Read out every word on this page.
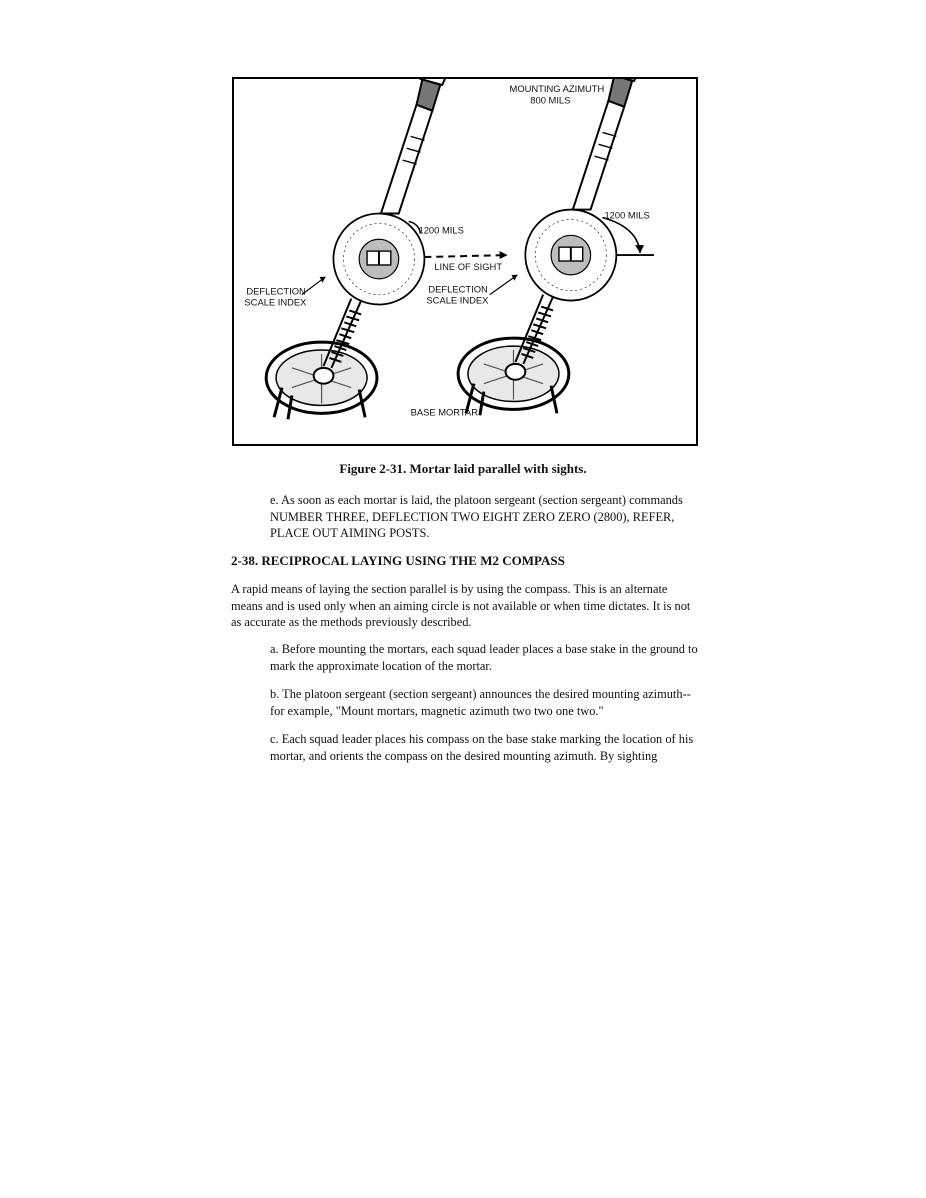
MOUNTING AZIMUTH
800 MILS
1200 MILS
1200 MILS
LINE OF SIGHT
DEFLECTION
SCALE INDEX
DEFLECTION
SCALE INDEX
BASE MORTAR
Figure 2-31. Mortar laid parallel with sights.

e. As soon as each mortar is laid, the platoon sergeant (section sergeant) commands NUMBER THREE, DEFLECTION TWO EIGHT ZERO ZERO (2800), REFER, PLACE OUT AIMING POSTS.

2-38. RECIPROCAL LAYING USING THE M2 COMPASS

A rapid means of laying the section parallel is by using the compass. This is an alternate means and is used only when an aiming circle is not available or when time dictates. It is not as accurate as the methods previously described.

a. Before mounting the mortars, each squad leader places a base stake in the ground to mark the approximate location of the mortar.

b. The platoon sergeant (section sergeant) announces the desired mounting azimuth--for example, "Mount mortars, magnetic azimuth two two one two."

c. Each squad leader places his compass on the base stake marking the location of his mortar, and orients the compass on the desired mounting azimuth. By sighting
